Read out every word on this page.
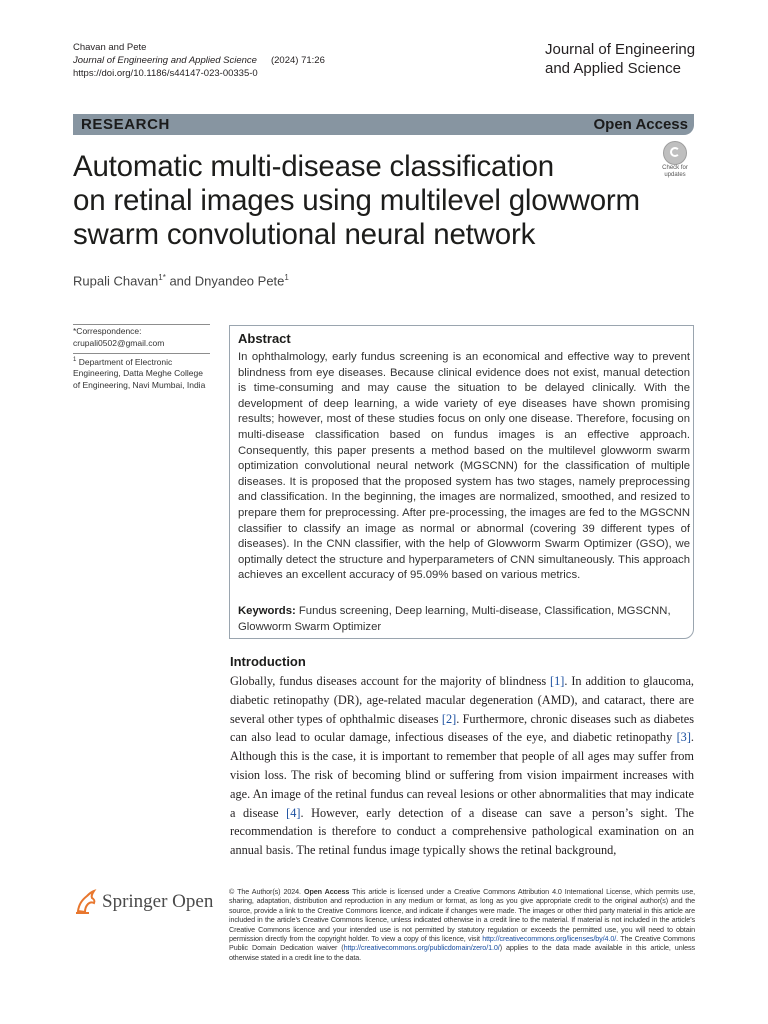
Chavan and Pete
Journal of Engineering and Applied Science (2024) 71:26
https://doi.org/10.1186/s44147-023-00335-0
Journal of Engineering
and Applied Science
RESEARCH	Open Access
Automatic multi-disease classification
on retinal images using multilevel glowworm
swarm convolutional neural network
Check for
updates
Rupali Chavan$^{1*}$ and Dnyandeo Pete$^1$
*Correspondence:
crupali0502@gmail.com
$^1$ Department of Electronic Engineering, Datta Meghe College of Engineering, Navi Mumbai, India
Abstract
In ophthalmology, early fundus screening is an economical and effective way to prevent blindness from eye diseases. Because clinical evidence does not exist, manual detection is time-consuming and may cause the situation to be delayed clinically. With the development of deep learning, a wide variety of eye diseases have shown promising results; however, most of these studies focus on only one disease. Therefore, focusing on multi-disease classification based on fundus images is an effective approach. Consequently, this paper presents a method based on the multilevel glowworm swarm optimization convolutional neural network (MGSCNN) for the classification of multiple diseases. It is proposed that the proposed system has two stages, namely preprocessing and classification. In the beginning, the images are normalized, smoothed, and resized to prepare them for preprocessing. After pre-processing, the images are fed to the MGSCNN classifier to classify an image as normal or abnormal (covering 39 different types of diseases). In the CNN classifier, with the help of Glowworm Swarm Optimizer (GSO), we optimally detect the structure and hyperparameters of CNN simultaneously. This approach achieves an excellent accuracy of 95.09% based on various metrics.
Keywords: Fundus screening, Deep learning, Multi-disease, Classification, MGSCNN, Glowworm Swarm Optimizer
Introduction
Globally, fundus diseases account for the majority of blindness [1]. In addition to glaucoma, diabetic retinopathy (DR), age-related macular degeneration (AMD), and cataract, there are several other types of ophthalmic diseases [2]. Furthermore, chronic diseases such as diabetes can also lead to ocular damage, infectious diseases of the eye, and diabetic retinopathy [3]. Although this is the case, it is important to remember that people of all ages may suffer from vision loss. The risk of becoming blind or suffering from vision impairment increases with age. An image of the retinal fundus can reveal lesions or other abnormalities that may indicate a disease [4]. However, early detection of a disease can save a person’s sight. The recommendation is therefore to conduct a comprehensive pathological examination on an annual basis. The retinal fundus image typically shows the retinal background,
Springer Open © The Author(s) 2024. Open Access This article is licensed under a Creative Commons Attribution 4.0 International License, which permits use, sharing, adaptation, distribution and reproduction in any medium or format, as long as you give appropriate credit to the original author(s) and the source, provide a link to the Creative Commons licence, and indicate if changes were made. The images or other third party material in this article are included in the article’s Creative Commons licence, unless indicated otherwise in a credit line to the material. If material is not included in the article’s Creative Commons licence and your intended use is not permitted by statutory regulation or exceeds the permitted use, you will need to obtain permission directly from the copyright holder. To view a copy of this licence, visit http://creativecommons.org/licenses/by/4.0/. The Creative Commons Public Domain Dedication waiver (http://creativecommons.org/publicdomain/zero/1.0/) applies to the data made available in this article, unless otherwise stated in a credit line to the data.
